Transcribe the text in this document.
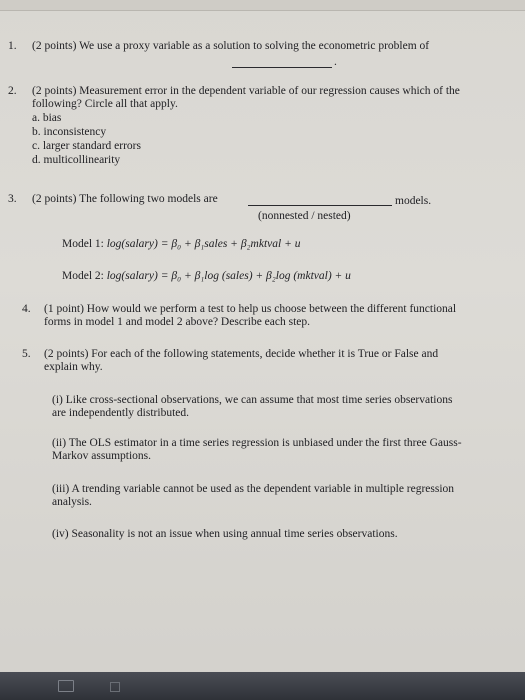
1. (2 points) We use a proxy variable as a solution to solving the econometric problem of
.
2. (2 points) Measurement error in the dependent variable of our regression causes which of the
following? Circle all that apply.
a. bias
b. inconsistency
c. larger standard errors
d. multicollinearity
3. (2 points) The following two models are	models.
(nonnested / nested)
Model 1: log(salary) = β₀ + β₁sales + β₂mktval + u
Model 2: log(salary) = β₀ + β₁log (sales) + β₂log (mktval) + u
4. (1 point) How would we perform a test to help us choose between the different functional
forms in model 1 and model 2 above? Describe each step.
5. (2 points) For each of the following statements, decide whether it is True or False and
explain why.
(i) Like cross-sectional observations, we can assume that most time series observations
are independently distributed.
(ii) The OLS estimator in a time series regression is unbiased under the first three Gauss-
Markov assumptions.
(iii) A trending variable cannot be used as the dependent variable in multiple regression
analysis.
(iv) Seasonality is not an issue when using annual time series observations.
